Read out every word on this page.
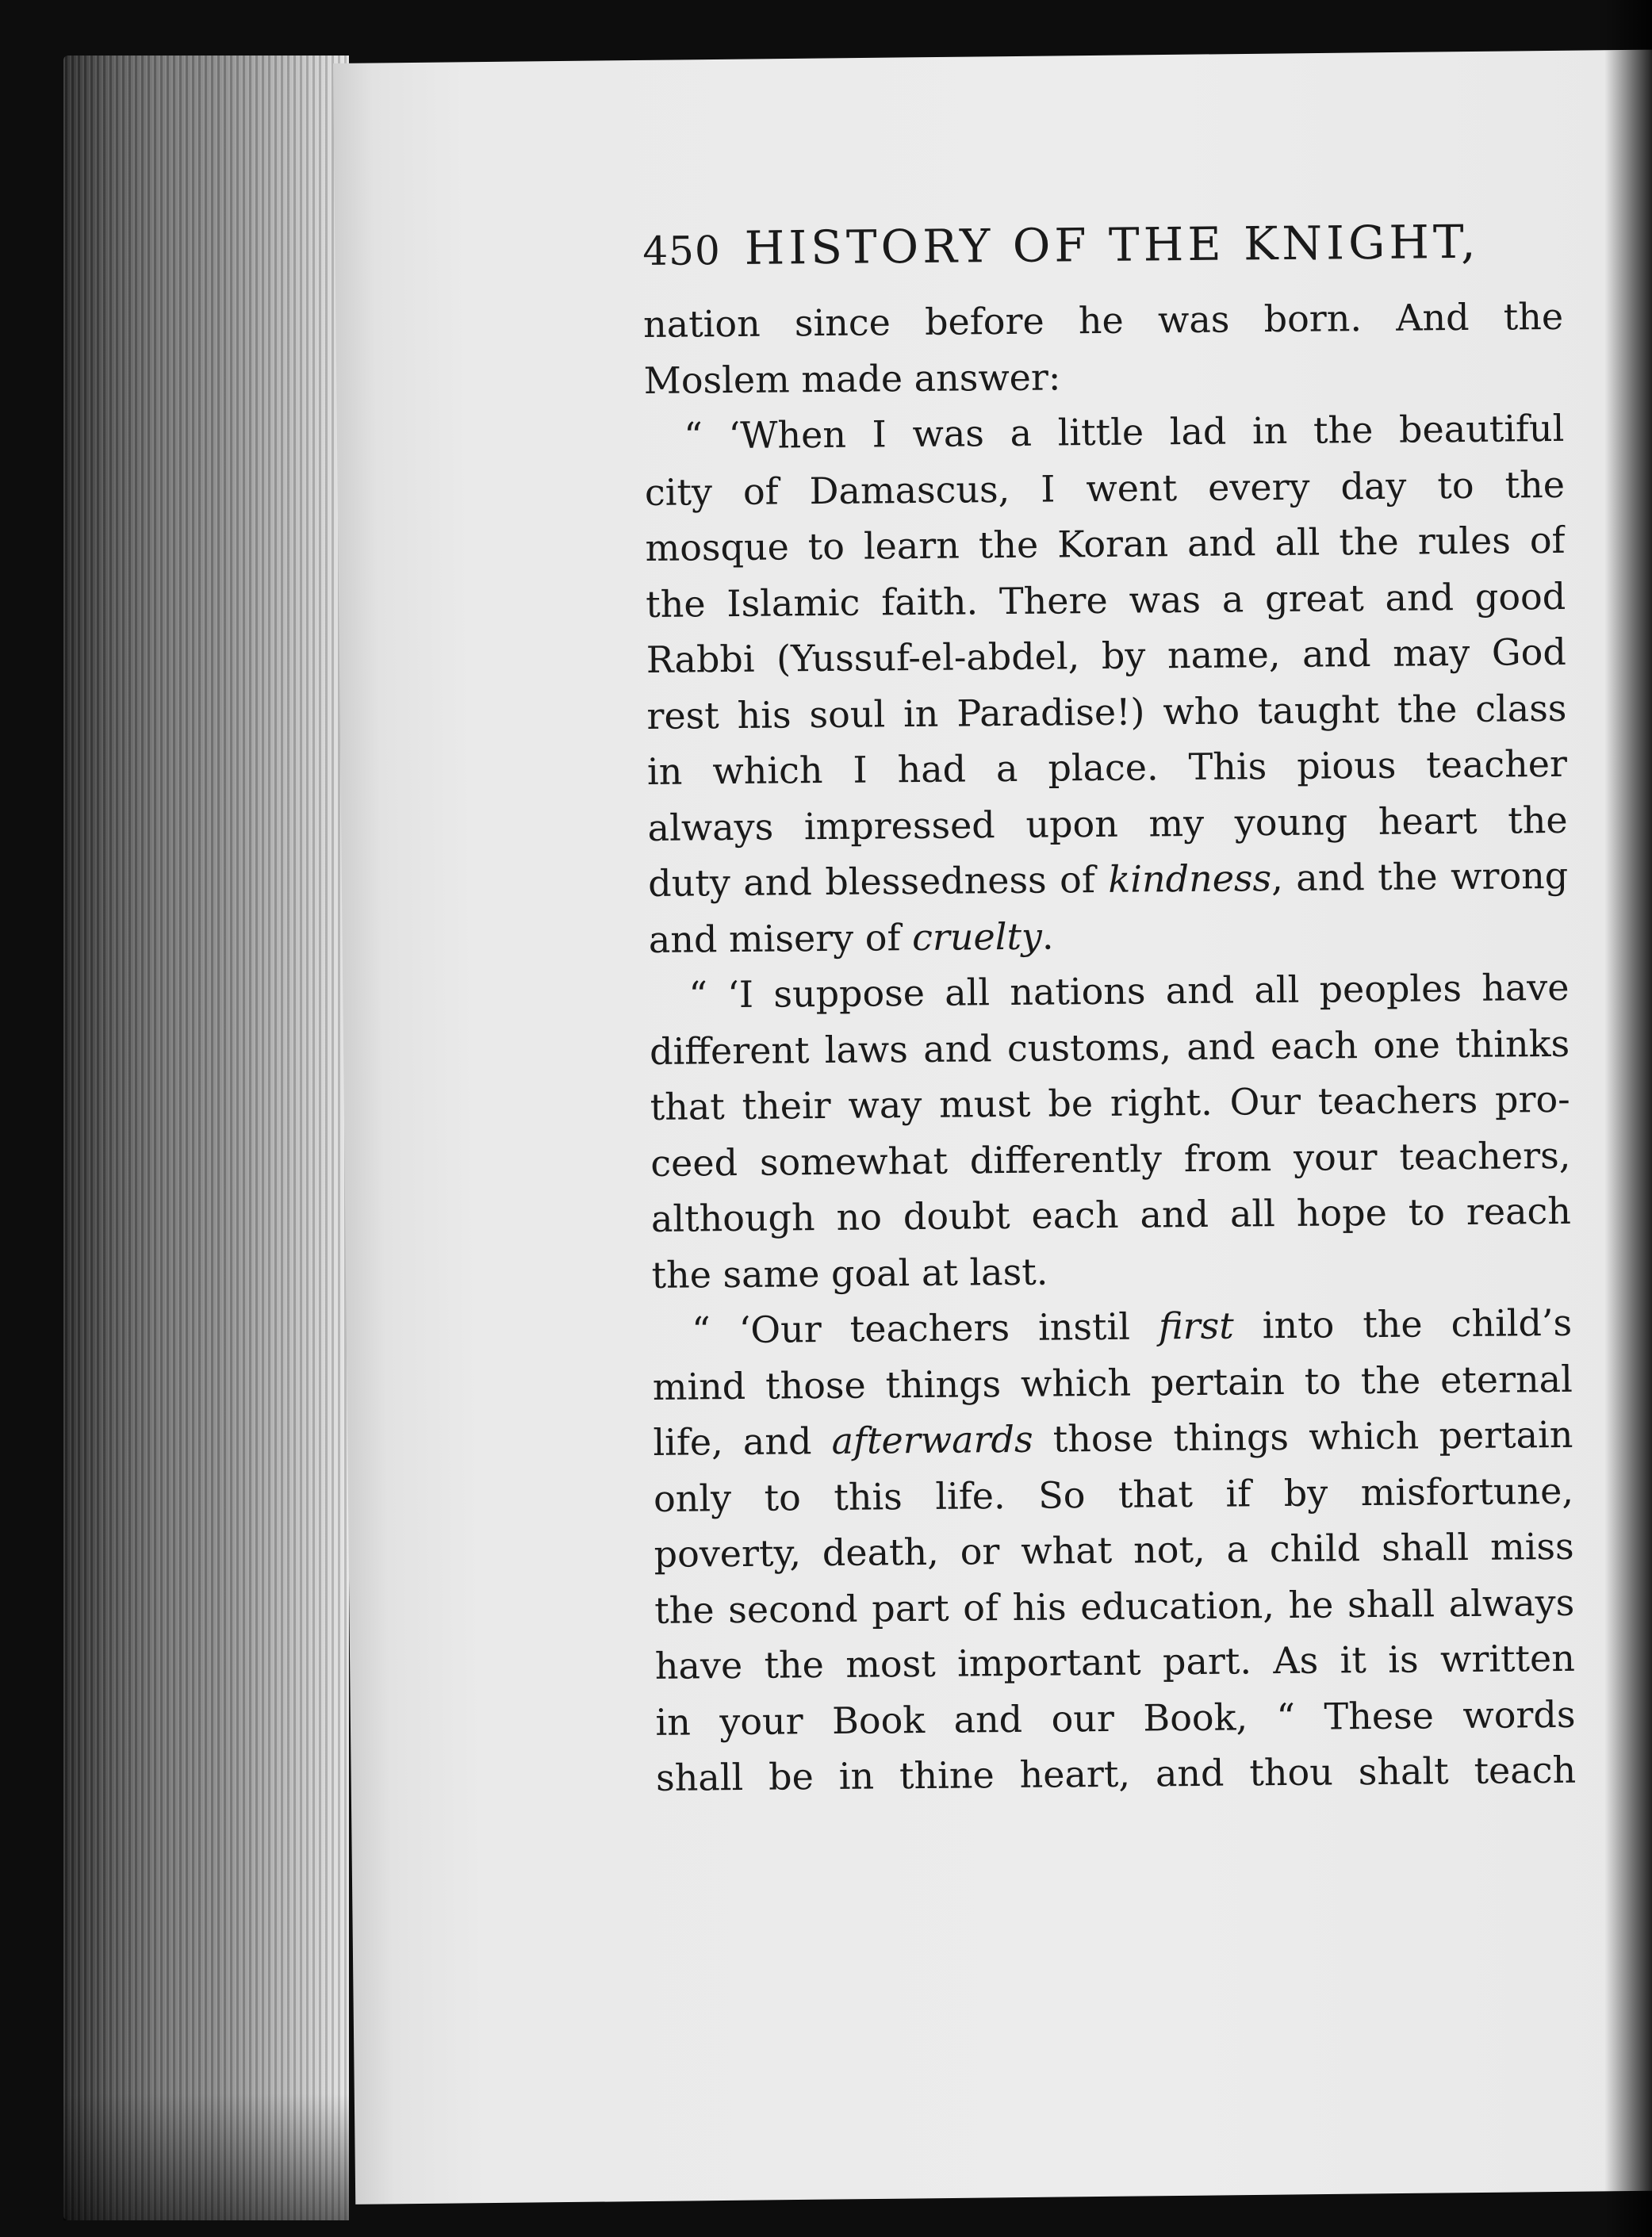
450 HISTORY OF THE KNIGHT,
nation since before he was born. And the
Moslem made answer:
“ ‘When I was a little lad in the beautiful
city of Damascus, I went every day to the
mosque to learn the Koran and all the rules of
the Islamic faith. There was a great and good
Rabbi (Yussuf-el-abdel, by name, and may God
rest his soul in Paradise!) who taught the class
in which I had a place. This pious teacher
always impressed upon my young heart the
duty and blessedness of kindness, and the wrong
and misery of cruelty.
“ ‘I suppose all nations and all peoples have
different laws and customs, and each one thinks
that their way must be right. Our teachers pro-
ceed somewhat differently from your teachers,
although no doubt each and all hope to reach
the same goal at last.
“ ‘Our teachers instil first into the child’s
mind those things which pertain to the eternal
life, and afterwards those things which pertain
only to this life. So that if by misfortune,
poverty, death, or what not, a child shall miss
the second part of his education, he shall always
have the most important part. As it is written
in your Book and our Book, “ These words
shall be in thine heart, and thou shalt teach
